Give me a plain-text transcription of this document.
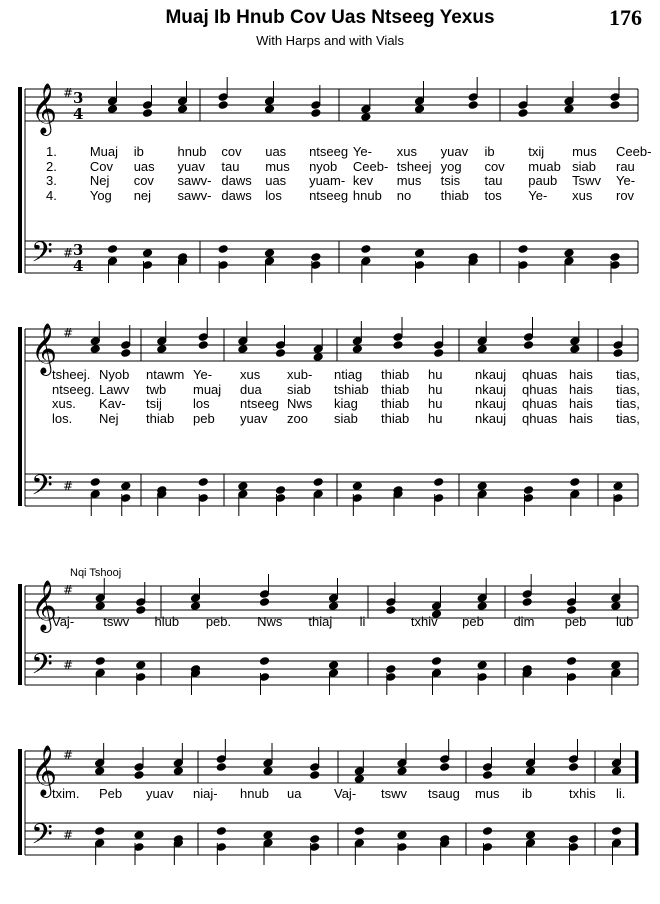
Muaj Ib Hnub Cov Uas Ntseeg Yexus
With Harps and with Vials
176
𝄞
𝄢
#
#
3
4
3
4
𝄞
𝄢
#
#
𝄞
𝄢
#
#
𝄞
𝄢
#
#
1.	Muaj ib	hnub cov uas ntseeg Ye- xus yuav ib	txij mus Ceeb-
2.	Cov uas yuav tau mus nyob Ceeb- tsheej yog cov muab siab rau
3.	Nej cov sawv- daws uas yuam- kev mus tsis tau paub Tswv Ye-
4.	Yog nej sawv- daws los ntseeg hnub no thiab tos Ye- xus rov
tsheej. Nyob ntawm Ye- xus xub- ntiag thiab hu	nkauj qhuas hais tias,
ntseeg. Lawv twb muaj dua siab tshiab thiab hu	nkauj qhuas hais tias,
xus. Kav- tsij los ntseeg Nws kiag thiab hu	nkauj qhuas hais tias,
los. Nej thiab peb yuav zoo siab thiab hu	nkauj qhuas hais tias,
Vaj- tswv hlub peb. Nws thiaj li	txhiv peb dim peb lub
txim. Peb yuav niaj- hnub ua	Vaj- tswv tsaug mus ib	txhis li.
Nqi Tshooj
